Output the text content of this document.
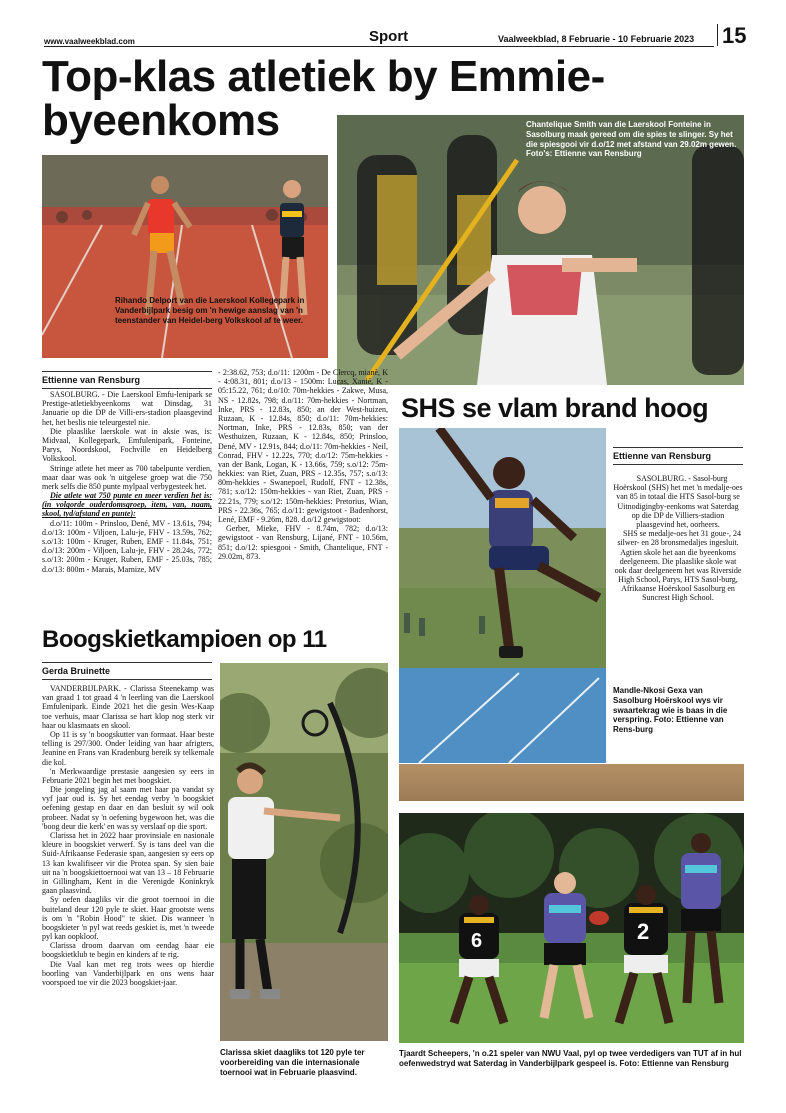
www.vaalweekblad.com	Sport	Vaalweekblad, 8 Februarie - 10 Februarie 2023 15
Top-klas atletiek by Emmie-
byeenkoms
Rihando Delport van die Laerskool Kollegepark in Vanderbijlpark besig om 'n hewige aanslag van 'n teenstander van Heidel-berg Volkskool af te weer.
Chantelique Smith van die Laerskool Fonteine in Sasolburg maak gereed om die spies te slinger. Sy het die spiesgooi vir d.o/12 met afstand van 29.02m gewen. Foto's: Ettienne van Rensburg
Ettienne van Rensburg

SASOLBURG. - Die Laerskool Emfu-lenipark se Prestige-atletiekbyeenkoms wat Dinsdag, 31 Januarie op die DP de Villi-ers-stadion plaasgevind het, het beslis nie teleurgestel nie.

Die plaaslike laerskole wat in aksie was, is: Midvaal, Kollegepark, Emfulenipark, Fonteine, Parys, Noordskool, Fochville en Heidelberg Volkskool.

Stringe atlete het meer as 700 tabelpunte verdien, maar daar was ook 'n uitgelese groep wat die 750 merk selfs die 850 punte mylpaal verbygesteek het.

Die atlete wat 750 punte en meer verdien het is: (in volgorde ouderdomsgroep, item, van, naam, skool, tyd/afstand en punte):

d.o/11: 100m - Prinsloo, Dené, MV - 13.61s, 794; d.o/13: 100m - Viljoen, Lalu-je, FHV - 13.59s, 762; s.o/13: 100m - Kruger, Ruben, EMF - 11.84s, 751; d.o/13: 200m - Viljoen, Lalu-je, FHV - 28.24s, 772; s.o/13: 200m - Kruger, Ruben, EMF - 25.03s, 785; d.o/13: 800m - Marais, Marnize, MV

- 2:38.62, 753; d.o/11: 1200m - De Clercq, mianè, K - 4:08.31, 801; d.o/13 - 1500m: Lucas, Xanié, K - 05:15.22, 761; d.o/10: 70m-hekkies - Zakwe, Musa, NS - 12.82s, 798; d.o/11: 70m-hekkies - Nortman, Inke, PRS - 12.83s, 850; an der West-huizen, Ruzaan, K - 12.84s, 850; d.o/11: 70m-hekkies: Nortman, Inke, PRS - 12.83s, 850; van der Westhuizen, Ruzaan, K - 12.84s, 850; Prinsloo, Dené, MV - 12.91s, 844; d.o/11: 70m-hekkies - Neil, Conrad, FHV - 12.22s, 770; d.o/12: 75m-hekkies - van der Bank, Logan, K - 13.66s, 759; s.o/12: 75m-hekkies: van Riet, Zuan, PRS - 12.35s, 757; s.o/13: 80m-hekkies - Swanepoel, Rudolf, FNT - 12.38s, 781; s.o/12: 150m-hekkies - van Riet, Zuan, PRS - 22.21s, 779; s.o/12: 150m-hekkies: Pretorius, Wian, PRS - 22.36s, 765; d.o/11: gewigstoot - Badenhorst, Lené, EMF - 9.26m, 828. d.o/12 gewigstoot:

Gerber, Mieke, FHV - 8.74m, 782; d.o/13: gewigstoot - van Rensburg, Lijané, FNT - 10.56m, 851; d.o/12: spiesgooi - Smith, Chantelique, FNT - 29.02m, 873.

SHS se vlam brand hoog
Ettienne van Rensburg

SASOLBURG. - Sasol-burg Hoërskool (SHS) het met 'n medalje-oes van 85 in totaal die HTS Sasol-burg se Uitnodigingby-eenkoms wat Saterdag op die DP de Villiers-stadion plaasgevind het, oorheers.

SHS se medalje-oes het 31 goue-, 24 silwer- en 28 bronsmedaljes ingesluit. Agtien skole het aan die byeenkoms deelgeneem. Die plaaslike skole wat ook daar deelgeneem het was Riverside High School, Parys, HTS Sasol-burg, Afrikaanse Hoërskool Sasolburg en Suncrest High School.

Mandle-Nkosi Gexa van Sasolburg Hoërskool wys vir swaartekrag wie is baas in die verspring. Foto: Ettienne van Rens-burg
Boogskietkampioen op 11
Gerda Bruinette

VANDERBIJLPARK. - Clarissa Steenekamp was van graad 1 tot graad 4 'n leerling van die Laerskool Emfulenipark. Einde 2021 het die gesin Wes-Kaap toe verhuis, maar Clarissa se hart klop nog sterk vir haar ou klasmaats en skool.

Op 11 is sy 'n boogskutter van formaat. Haar beste telling is 297/300. Onder leiding van haar afrigters, Jeanine en Frans van Kradenburg bereik sy telkemale die kol.

'n Merkwaardige prestasie aangesien sy eers in Februarie 2021 begin het met boogskiet.

Die jongeling jag al saam met haar pa vandat sy vyf jaar oud is. Sy het eendag verby 'n boogskiet oefening gestap en daar en dan besluit sy wil ook probeer. Nadat sy 'n oefening bygewoon het, was die 'boog deur die kerk' en was sy verslaaf op die sport.

Clarissa het in 2022 haar provinsiale en nasionale kleure in boogskiet verwerf. Sy is tans deel van die Suid-Afrikaanse Federasie span, aangesien sy eers op 13 kan kwalifiseer vir die Protea span. Sy sien baie uit na 'n boogskiettoernooi wat van 13 – 18 Februarie in Gillingham, Kent in die Verenigde Koninkryk gaan plaasvind.

Sy oefen daagliks vir die groot toernooi in die buiteland deur 120 pyle te skiet. Haar grootste wens is om 'n "Robin Hood" te skiet. Dis wanneer 'n boogskieter 'n pyl wat reeds geskiet is, met 'n tweede pyl kan oopkloof.

Clarissa droom daarvan om eendag haar eie boogskietklub te begin en kinders af te rig.

Die Vaal kan met reg trots wees op hierdie boorling van Vanderbijlpark en ons wens haar voorspoed toe vir die 2023 boogskiet-jaar.

Clarissa skiet daagliks tot 120 pyle ter voorbereiding van die internasionale toernooi wat in Februarie plaasvind.
6	2
Tjaardt Scheepers, 'n o.21 speler van NWU Vaal, pyl op twee verdedigers van TUT af in hul oefenwedstryd wat Saterdag in Vanderbijlpark gespeel is. Foto: Ettienne van Rensburg
